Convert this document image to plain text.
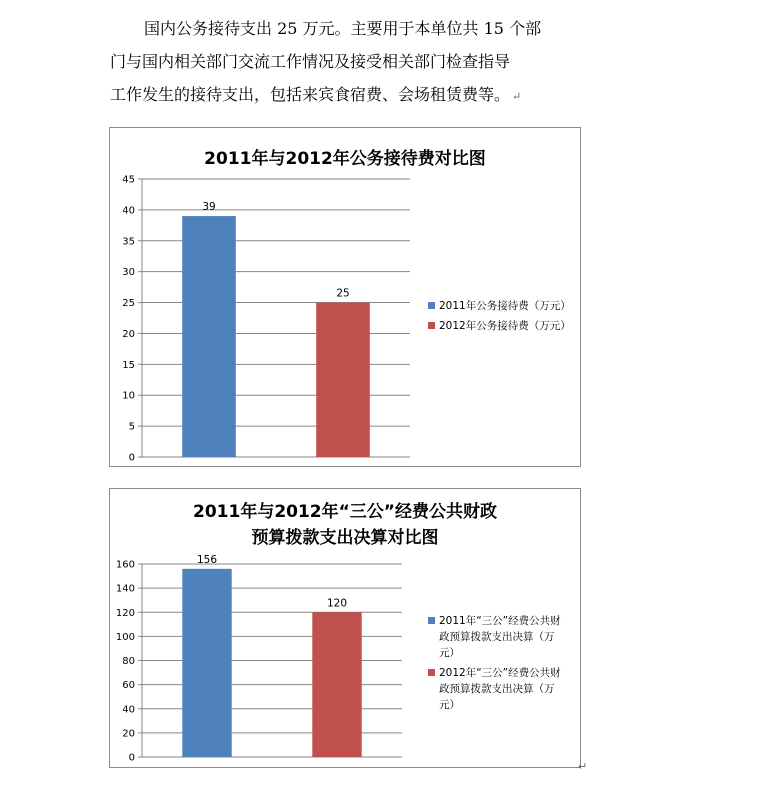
国内公务接待支出 25 万元。主要用于本单位共 15 个部
门与国内相关部门交流工作情况及接受相关部门检查指导
工作发生的接待支出，包括来宾食宿费、会场租赁费等。 ↵
2011年与2012年公务接待费对比图
0
5
10
15
20
25
30
35
40
45
39
25
2011年公务接待费（万元）
2012年公务接待费（万元）
2011年与2012年“三公”经费公共财政
预算拨款支出决算对比图
0
20
40
60
80
100
120
140
160	156
120
2011年“三公”经费公共财
政预算拨款支出决算（万
元）
2012年“三公”经费公共财
政预算拨款支出决算（万
元）
↵
